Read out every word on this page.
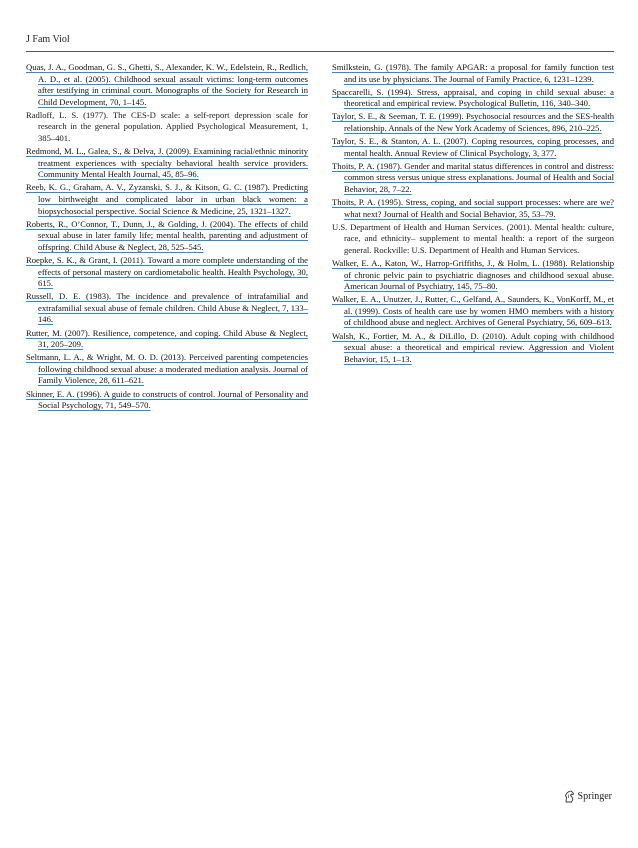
J Fam Viol

Quas, J. A., Goodman, G. S., Ghetti, S., Alexander, K. W., Edelstein, R., Redlich, A. D., et al. (2005). Childhood sexual assault victims: long-term outcomes after testifying in criminal court. Monographs of the Society for Research in Child Development, 70, 1–145.

Radloff, L. S. (1977). The CES-D scale: a self-report depression scale for research in the general population. Applied Psychological Measurement, 1, 385–401.

Redmond, M. L., Galea, S., & Delva, J. (2009). Examining racial/ethnic minority treatment experiences with specialty behavioral health service providers. Community Mental Health Journal, 45, 85–96.

Reeb, K. G., Graham, A. V., Zyzanski, S. J., & Kitson, G. C. (1987). Predicting low birthweight and complicated labor in urban black women: a biopsychosocial perspective. Social Science & Medicine, 25, 1321–1327.

Roberts, R., O’Connor, T., Dunn, J., & Golding, J. (2004). The effects of child sexual abuse in later family life; mental health, parenting and adjustment of offspring. Child Abuse & Neglect, 28, 525–545.

Roepke, S. K., & Grant, I. (2011). Toward a more complete understanding of the effects of personal mastery on cardiometabolic health. Health Psychology, 30, 615.

Russell, D. E. (1983). The incidence and prevalence of intrafamilial and extrafamilial sexual abuse of female children. Child Abuse & Neglect, 7, 133–146.

Rutter, M. (2007). Resilience, competence, and coping. Child Abuse & Neglect, 31, 205–209.

Seltmann, L. A., & Wright, M. O. D. (2013). Perceived parenting competencies following childhood sexual abuse: a moderated mediation analysis. Journal of Family Violence, 28, 611–621.

Skinner, E. A. (1996). A guide to constructs of control. Journal of Personality and Social Psychology, 71, 549–570.

Smilkstein, G. (1978). The family APGAR: a proposal for family function test and its use by physicians. The Journal of Family Practice, 6, 1231–1239.

Spaccarelli, S. (1994). Stress, appraisal, and coping in child sexual abuse: a theoretical and empirical review. Psychological Bulletin, 116, 340–340.

Taylor, S. E., & Seeman, T. E. (1999). Psychosocial resources and the SES-health relationship. Annals of the New York Academy of Sciences, 896, 210–225.

Taylor, S. E., & Stanton, A. L. (2007). Coping resources, coping processes, and mental health. Annual Review of Clinical Psychology, 3, 377.

Thoits, P. A. (1987). Gender and marital status differences in control and distress: common stress versus unique stress explanations. Journal of Health and Social Behavior, 28, 7–22.

Thoits, P. A. (1995). Stress, coping, and social support processes: where are we? what next? Journal of Health and Social Behavior, 35, 53–79.

U.S. Department of Health and Human Services. (2001). Mental health: culture, race, and ethnicity– supplement to mental health: a report of the surgeon general. Rockville: U.S. Department of Health and Human Services.

Walker, E. A., Katon, W., Harrop-Griffiths, J., & Holm, L. (1988). Relationship of chronic pelvic pain to psychiatric diagnoses and childhood sexual abuse. American Journal of Psychiatry, 145, 75–80.

Walker, E. A., Unutzer, J., Rutter, C., Gelfand, A., Saunders, K., VonKorff, M., et al. (1999). Costs of health care use by women HMO members with a history of childhood abuse and neglect. Archives of General Psychiatry, 56, 609–613.

Walsh, K., Fortier, M. A., & DiLillo, D. (2010). Adult coping with childhood sexual abuse: a theoretical and empirical review. Aggression and Violent Behavior, 15, 1–13.

Springer
